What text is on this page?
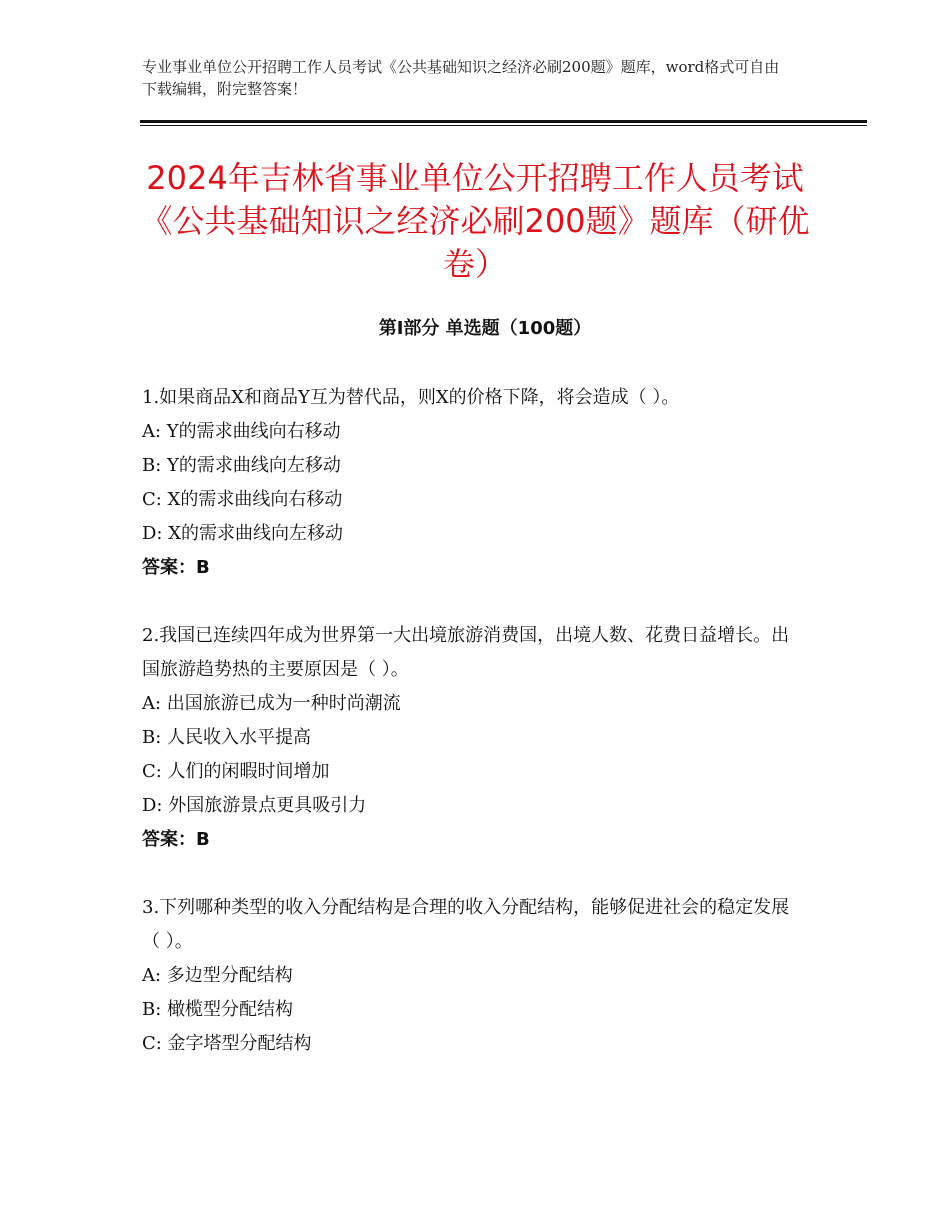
专业事业单位公开招聘工作人员考试《公共基础知识之经济必刷200题》题库，word格式可自由下载编辑，附完整答案！
2024年吉林省事业单位公开招聘工作人员考试《公共基础知识之经济必刷200题》题库（研优卷）
第Ⅰ部分 单选题（100题）

1.如果商品X和商品Y互为替代品，则X的价格下降，将会造成（ ）。

A: Y的需求曲线向右移动

B: Y的需求曲线向左移动

C: X的需求曲线向右移动

D: X的需求曲线向左移动

答案：B

2.我国已连续四年成为世界第一大出境旅游消费国，出境人数、花费日益增长。出国旅游趋势热的主要原因是（ ）。

A: 出国旅游已成为一种时尚潮流

B: 人民收入水平提高

C: 人们的闲暇时间增加

D: 外国旅游景点更具吸引力

答案：B

3.下列哪种类型的收入分配结构是合理的收入分配结构，能够促进社会的稳定发展（ ）。

A: 多边型分配结构

B: 橄榄型分配结构

C: 金字塔型分配结构
